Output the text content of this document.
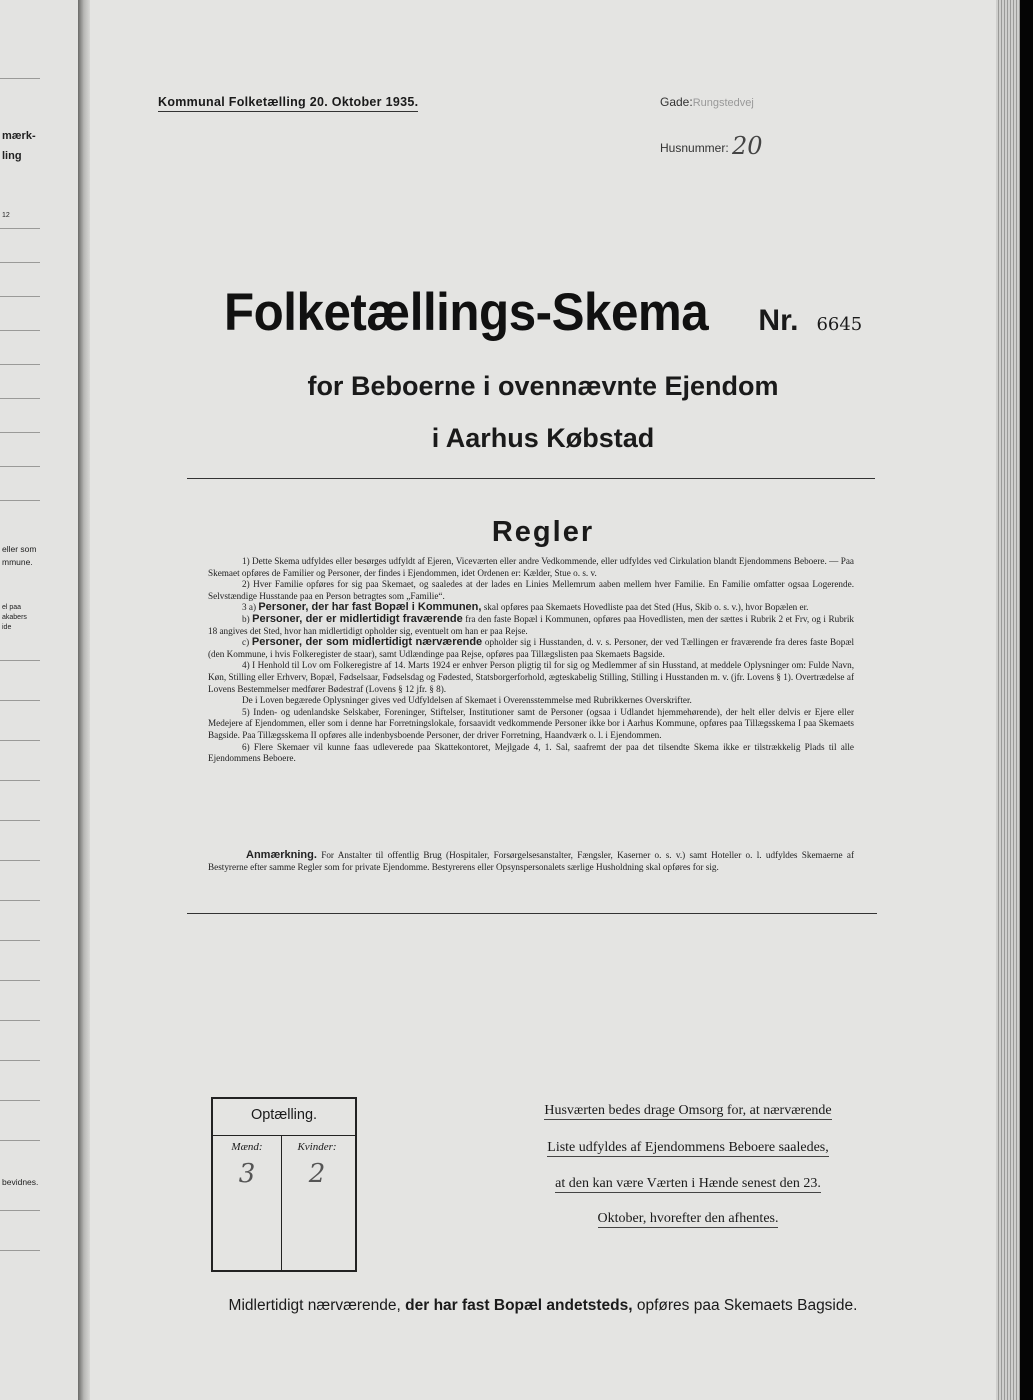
mærk-
ling
12
eller som
mmune.
el paa
akabers
ide
bevidnes.
Kommunal Folketælling 20. Oktober 1935.	Gade:Rungstedvej
Husnummer: 20
Folketællings-Skema Nr. 6645
for Beboerne i ovennævnte Ejendom
i Aarhus Købstad
Regler

1) Dette Skema udfyldes eller besørges udfyldt af Ejeren, Viceværten eller andre Vedkommende, eller udfyldes ved Cirkulation blandt Ejendommens Beboere. — Paa Skemaet opføres de Familier og Personer, der findes i Ejendommen, idet Ordenen er: Kælder, Stue o. s. v.

2) Hver Familie opføres for sig paa Skemaet, og saaledes at der lades en Linies Mellemrum aaben mellem hver Familie. En Familie omfatter ogsaa Logerende. Selvstændige Husstande paa en Person betragtes som „Familie“.

3 a) Personer, der har fast Bopæl i Kommunen, skal opføres paa Skemaets Hovedliste paa det Sted (Hus, Skib o. s. v.), hvor Bopælen er.

b) Personer, der er midlertidigt fraværende fra den faste Bopæl i Kommunen, opføres paa Hovedlisten, men der sættes i Rubrik 2 et Frv, og i Rubrik 18 angives det Sted, hvor han midlertidigt opholder sig, eventuelt om han er paa Rejse.

c) Personer, der som midlertidigt nærværende opholder sig i Husstanden, d. v. s. Personer, der ved Tællingen er fraværende fra deres faste Bopæl (den Kommune, i hvis Folkeregister de staar), samt Udlændinge paa Rejse, opføres paa Tillægslisten paa Skemaets Bagside.

4) I Henhold til Lov om Folkeregistre af 14. Marts 1924 er enhver Person pligtig til for sig og Medlemmer af sin Husstand, at meddele Oplysninger om: Fulde Navn, Køn, Stilling eller Erhverv, Bopæl, Fødselsaar, Fødselsdag og Fødested, Statsborgerforhold, ægteskabelig Stilling, Stilling i Husstanden m. v. (jfr. Lovens § 1). Overtrædelse af Lovens Bestemmelser medfører Bødestraf (Lovens § 12 jfr. § 8).

De i Loven begærede Oplysninger gives ved Udfyldelsen af Skemaet i Overensstemmelse med Rubrikkernes Overskrifter.

5) Inden- og udenlandske Selskaber, Foreninger, Stiftelser, Institutioner samt de Personer (ogsaa i Udlandet hjemmehørende), der helt eller delvis er Ejere eller Medejere af Ejendommen, eller som i denne har Forretningslokale, forsaavidt vedkommende Personer ikke bor i Aarhus Kommune, opføres paa Tillægsskema I paa Skemaets Bagside. Paa Tillægsskema II opføres alle indenbysboende Personer, der driver Forretning, Haandværk o. l. i Ejendommen.

6) Flere Skemaer vil kunne faas udleverede paa Skattekontoret, Mejlgade 4, 1. Sal, saafremt der paa det tilsendte Skema ikke er tilstrækkelig Plads til alle Ejendommens Beboere.

Anmærkning. For Anstalter til offentlig Brug (Hospitaler, Forsørgelsesanstalter, Fængsler, Kaserner o. s. v.) samt Hoteller o. l. udfyldes Skemaerne af Bestyrerne efter samme Regler som for private Ejendomme. Bestyrerens eller Opsynspersonalets særlige Husholdning skal opføres for sig.
Optælling.
Mænd:	Kvinder:
3	2
Husværten bedes drage Omsorg for, at nærværende
Liste udfyldes af Ejendommens Beboere saaledes,
at den kan være Værten i Hænde senest den 23.
Oktober, hvorefter den afhentes.
Midlertidigt nærværende, der har fast Bopæl andetsteds, opføres paa Skemaets Bagside.
